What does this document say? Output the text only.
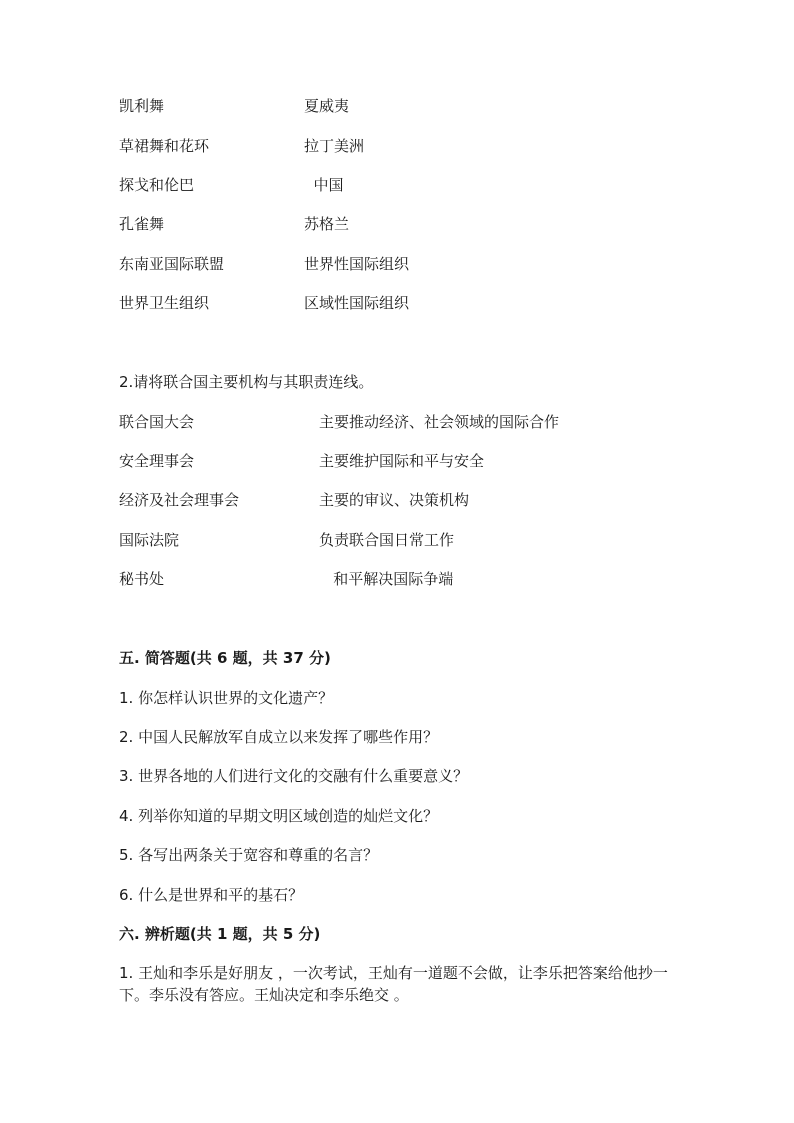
凯利舞	夏威夷
草裙舞和花环	拉丁美洲
探戈和伦巴	中国
孔雀舞	苏格兰
东南亚国际联盟	世界性国际组织
世界卫生组织	区域性国际组织
2.请将联合国主要机构与其职责连线。
联合国大会	主要推动经济、社会领域的国际合作
安全理事会	主要维护国际和平与安全
经济及社会理事会	主要的审议、决策机构
国际法院	负责联合国日常工作
秘书处	和平解决国际争端
五. 简答题(共 6 题，共 37 分)
1. 你怎样认识世界的文化遗产？
2. 中国人民解放军自成立以来发挥了哪些作用？
3. 世界各地的人们进行文化的交融有什么重要意义？
4. 列举你知道的早期文明区域创造的灿烂文化？
5. 各写出两条关于宽容和尊重的名言？
6. 什么是世界和平的基石？
六. 辨析题(共 1 题，共 5 分)
1. 王灿和李乐是好朋友 ，一次考试，王灿有一道题不会做，让李乐把答案给他抄一下。李乐没有答应。王灿决定和李乐绝交 。
